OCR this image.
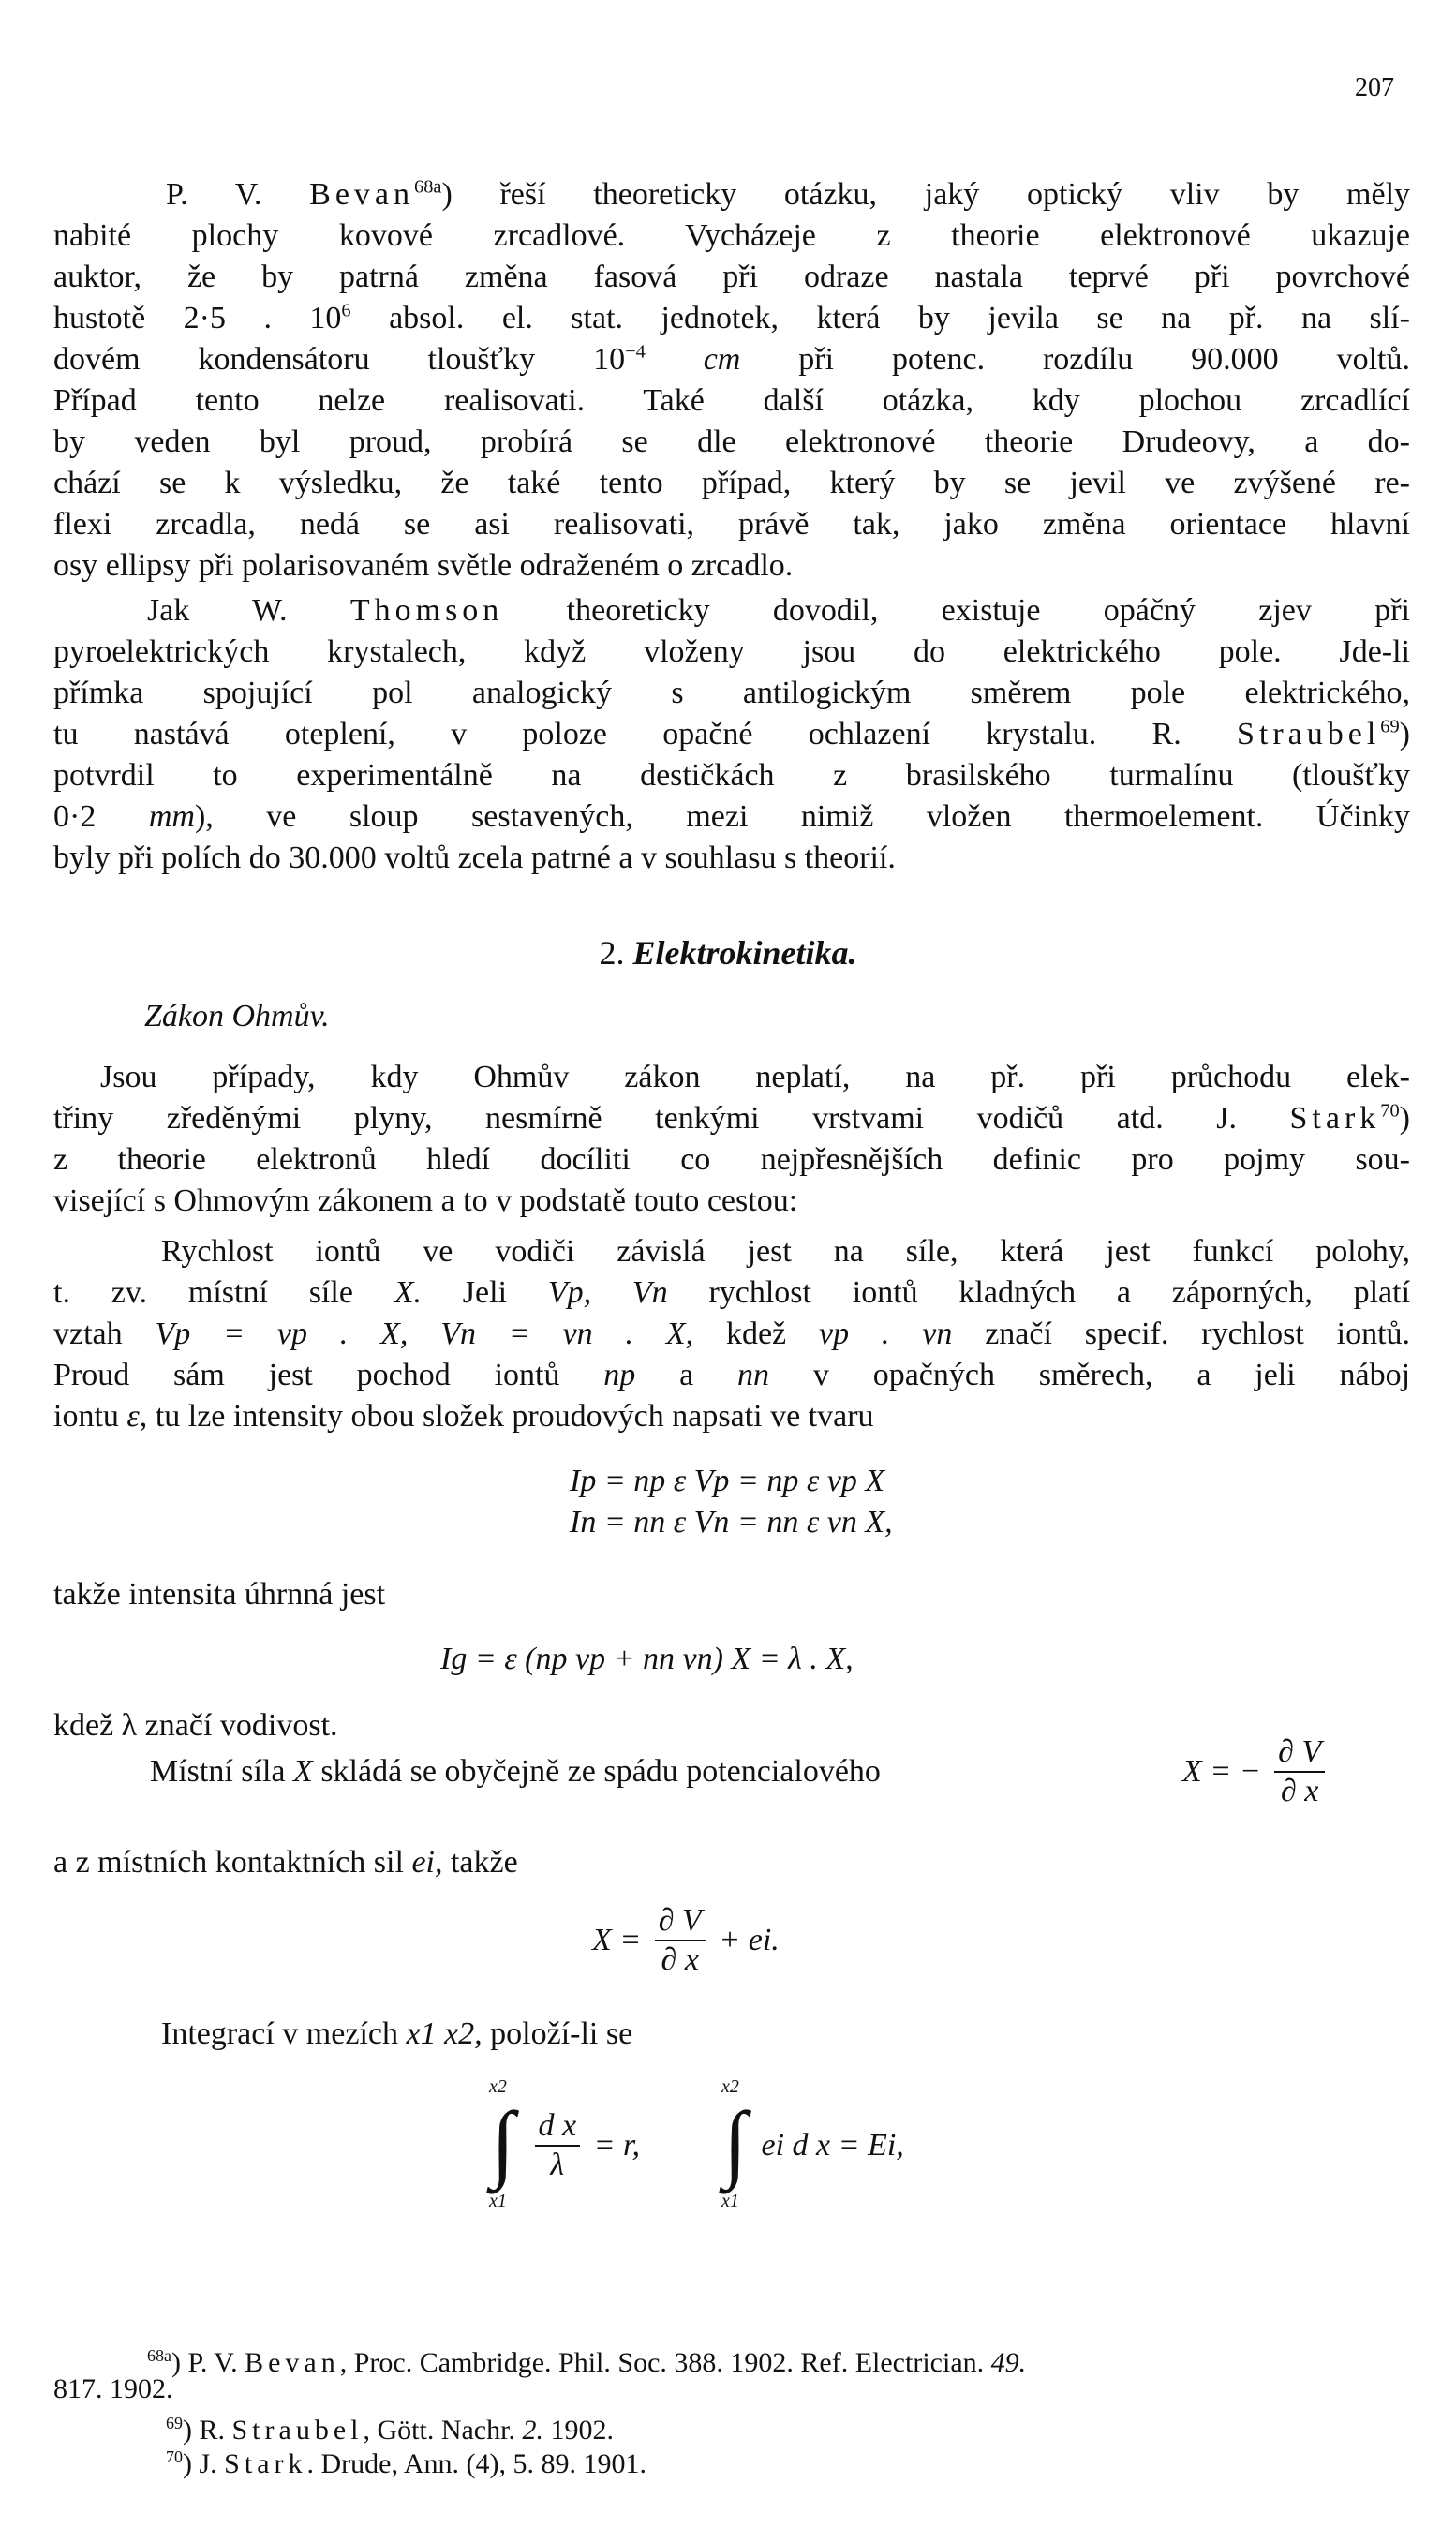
207
P. V. Bevan$^{68a}$) řeší theoreticky otázku, jaký optický vliv by měly
nabité plochy kovové zrcadlové. Vycházeje z theorie elektronové ukazuje
auktor, že by patrná změna fasová při odraze nastala teprvé při povrchové
hustotě 2·5 . $10^6$ absol. el. stat. jednotek, která by jevila se na př. na slí-
dovém kondensátoru tloušťky $10^{-4}$ cm při potenc. rozdílu 90.000 voltů.
Případ tento nelze realisovati. Také další otázka, kdy plochou zrcadlící
by veden byl proud, probírá se dle elektronové theorie Drudeovy, a do-
chází se k výsledku, že také tento případ, který by se jevil ve zvýšené re-
flexi zrcadla, nedá se asi realisovati, právě tak, jako změna orientace hlavní
osy ellipsy při polarisovaném světle odraženém o zrcadlo.
Jak W. Thomson theoreticky dovodil, existuje opáčný zjev při
pyroelektrických krystalech, když vloženy jsou do elektrického pole. Jde-li
přímka spojující pol analogický s antilogickým směrem pole elektrického,
tu nastává oteplení, v poloze opačné ochlazení krystalu. R. Straubel$^{69}$)
potvrdil to experimentálně na destičkách z brasilského turmalínu (tloušťky
0·2 mm), ve sloup sestavených, mezi nimiž vložen thermoelement. Účinky
byly při polích do 30.000 voltů zcela patrné a v souhlasu s theorií.
2. Elektrokinetika.
Zákon Ohmův.
Jsou případy, kdy Ohmův zákon neplatí, na př. při průchodu elek-
třiny zředěnými plyny, nesmírně tenkými vrstvami vodičů atd. J. Stark$^{70}$)
z theorie elektronů hledí docíliti co nejpřesnějších definic pro pojmy sou-
visející s Ohmovým zákonem a to v podstatě touto cestou:
Rychlost iontů ve vodiči závislá jest na síle, která jest funkcí polohy,
t. zv. místní síle X. Jeli Vp, Vn rychlost iontů kladných a záporných, platí
vztah Vp = vp . X, Vn = vn . X, kdež vp . vn značí specif. rychlost iontů.
Proud sám jest pochod iontů np a nn v opačných směrech, a jeli náboj
iontu ε, tu lze intensity obou složek proudových napsati ve tvaru
Ip = np ε Vp = np ε vp X
In = nn ε Vn = nn ε vn X,
takže intensita úhrnná jest
Ig = ε (np vp + nn vn) X = λ . X,
kdež λ značí vodivost.
Místní síla X skládá se obyčejně ze spádu potencialového	X = − $\frac{\partial V}{\partial x}$
a z místních kontaktních sil ei, takže
$X = \frac{\partial V}{\partial x}$ + ei.
Integrací v mezích x1 x2, položí-li se
∫
x2
x1

$\frac{\text{d x}}{\lambda} = r$, ∫
x2
x1
ei d x = Ei,
$^{68a}$) P. V. Bevan, Proc. Cambridge. Phil. Soc. 388. 1902. Ref. Electrician. 49.
817. 1902.
$^{69}$) R. Straubel, Gött. Nachr. 2. 1902.
$^{70}$) J. Stark. Drude, Ann. (4), 5. 89. 1901.
